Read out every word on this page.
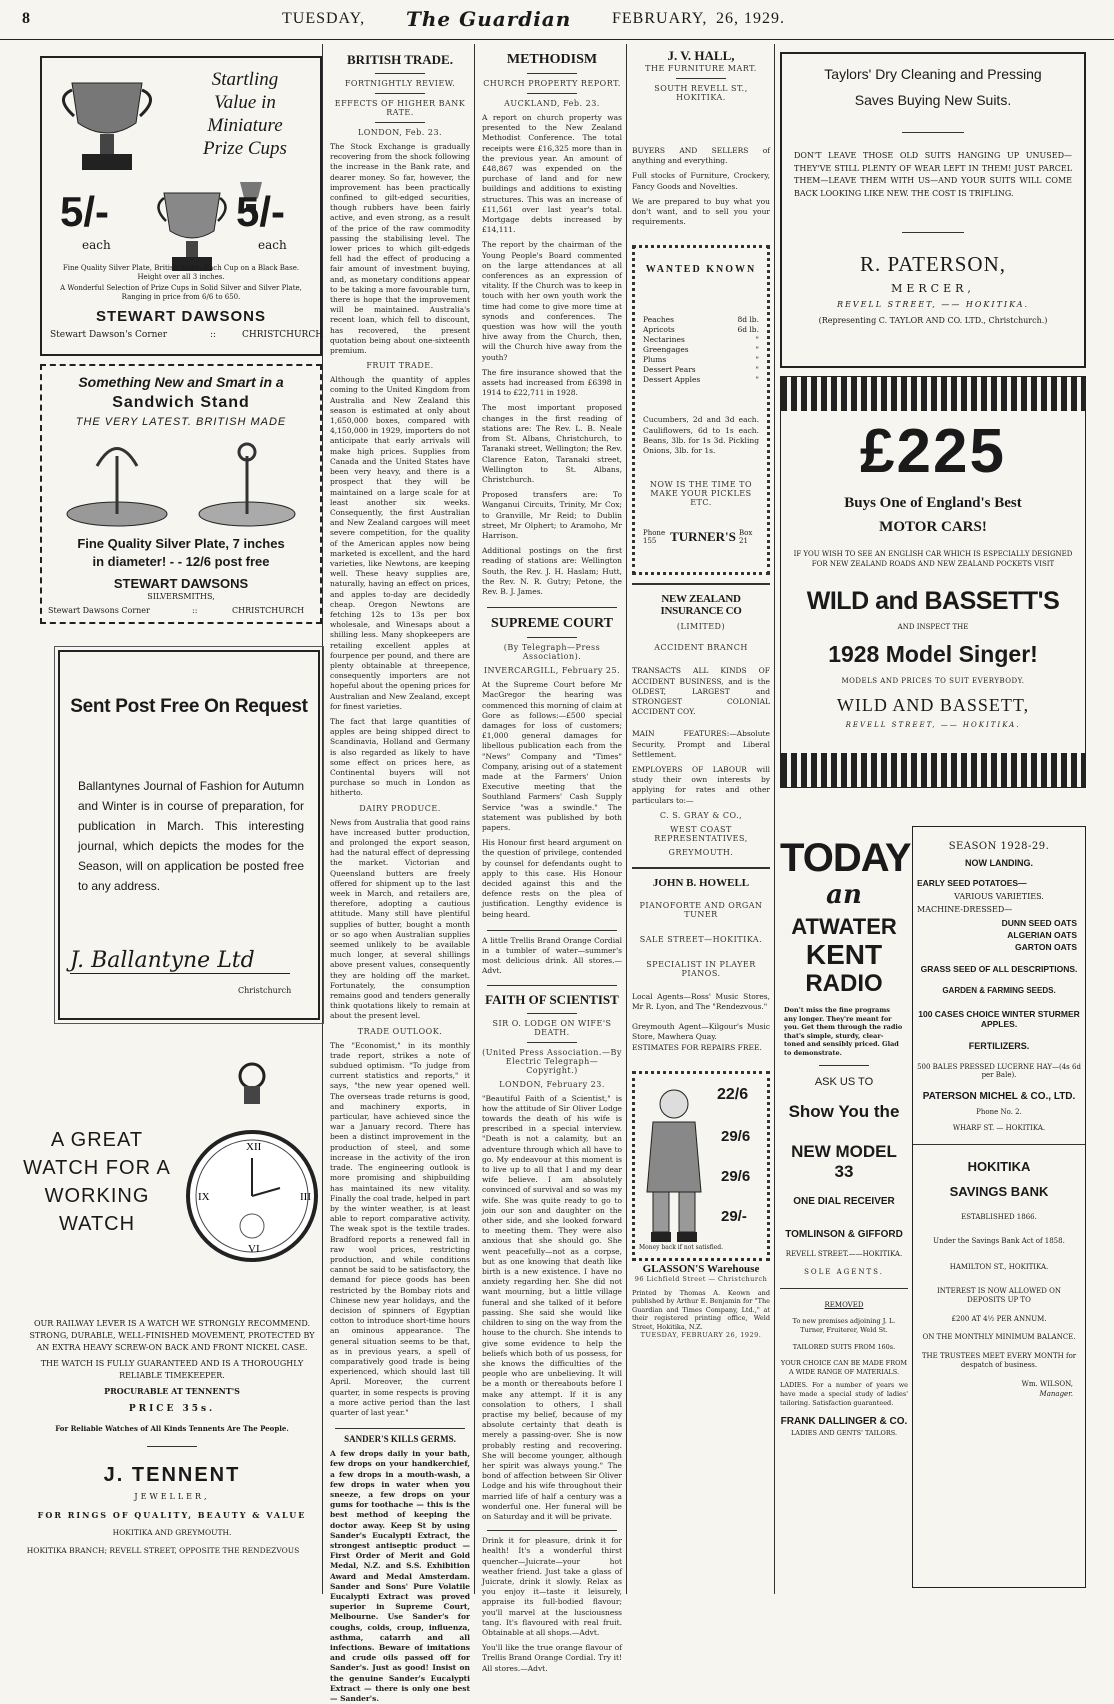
8	TUESDAY, The Guardian	FEBRUARY, 26, 1929.
Startling
Value in
Miniature
Prize Cups
5/-	5/-
each	each
Fine Quality Silver Plate, British make. Each Cup on a Black Base. Height over all 3 inches.
A Wonderful Selection of Prize Cups in Solid Silver and Silver Plate, Ranging in price from 6/6 to 650.
STEWART DAWSONS
Stewart Dawson's Corner	::	CHRISTCHURCH
Something New and Smart in a
Sandwich Stand
THE VERY LATEST. BRITISH MADE
Fine Quality Silver Plate, 7 inches
in diameter! - - 12/6 post free
STEWART DAWSONS
SILVERSMITHS,
Stewart Dawsons Corner	::	CHRISTCHURCH
Sent Post Free On Request
Ballantynes Journal of Fashion for Autumn and Winter is in course of preparation, for publication in March. This interesting journal, which depicts the modes for the Season, will on application be posted free to any address.
J. Ballantyne Ltd
Christchurch
A GREAT
WATCH FOR A
WORKING
WATCH
XII
III
VI
IX
OUR RAILWAY LEVER IS A WATCH WE STRONGLY RECOMMEND. STRONG, DURABLE, WELL-FINISHED MOVEMENT, PROTECTED BY AN EXTRA HEAVY SCREW-ON BACK AND FRONT NICKEL CASE.
THE WATCH IS FULLY GUARANTEED AND IS A THOROUGHLY RELIABLE TIMEKEEPER.
PROCURABLE AT TENNENT'S
PRICE 35s.
For Reliable Watches of All Kinds Tennents Are The People.
J. TENNENT
JEWELLER,
FOR RINGS OF QUALITY, BEAUTY & VALUE
HOKITIKA AND GREYMOUTH.
HOKITIKA BRANCH; REVELL STREET, OPPOSITE THE RENDEZVOUS
BRITISH TRADE.
FORTNIGHTLY REVIEW.
EFFECTS OF HIGHER BANK RATE.
LONDON, Feb. 23.
The Stock Exchange is gradually recovering from the shock following the increase in the Bank rate, and dearer money. So far, however, the improvement has been practically confined to gilt-edged securities, though rubbers have been fairly active, and even strong, as a result of the price of the raw commodity passing the stabilising level. The lower prices to which gilt-edgeds fell had the effect of producing a fair amount of investment buying, and, as monetary conditions appear to be taking a more favourable turn, there is hope that the improvement will be maintained. Australia's recent loan, which fell to discount, has recovered, the present quotation being about one-sixteenth premium.
FRUIT TRADE.
Although the quantity of apples coming to the United Kingdom from Australia and New Zealand this season is estimated at only about 1,650,000 boxes, compared with 4,150,000 in 1929, importers do not anticipate that early arrivals will make high prices. Supplies from Canada and the United States have been very heavy, and there is a prospect that they will be maintained on a large scale for at least another six weeks. Consequently, the first Australian and New Zealand cargoes will meet severe competition, for the quality of the American apples now being marketed is excellent, and the hard varieties, like Newtons, are keeping well. These heavy supplies are, naturally, having an effect on prices, and apples to-day are decidedly cheap. Oregon Newtons are fetching 12s to 13s per box wholesale, and Winesaps about a shilling less. Many shopkeepers are retailing excellent apples at fourpence per pound, and there are plenty obtainable at threepence, consequently importers are not hopeful about the opening prices for Australian and New Zealand, except for finest varieties.
The fact that large quantities of apples are being shipped direct to Scandinavia, Holland and Germany is also regarded as likely to have some effect on prices here, as Continental buyers will not purchase so much in London as hitherto.
DAIRY PRODUCE.
News from Australia that good rains have increased butter production, and prolonged the export season, had the natural effect of depressing the market. Victorian and Queensland butters are freely offered for shipment up to the last week in March, and retailers are, therefore, adopting a cautious attitude. Many still have plentiful supplies of butter, bought a month or so ago when Australian supplies seemed unlikely to be available much longer, at several shillings above present values, consequently they are holding off the market. Fortunately, the consumption remains good and tenders generally think quotations likely to remain at about the present level.
TRADE OUTLOOK.
The "Economist," in its monthly trade report, strikes a note of subdued optimism. "To judge from current statistics and reports," it says, "the new year opened well. The overseas trade returns is good, and machinery exports, in particular, have achieved since the war a January record. There has been a distinct improvement in the production of steel, and some increase in the activity of the iron trade. The engineering outlook is more promising and shipbuilding has maintained its new vitality. Finally the coal trade, helped in part by the winter weather, is at least able to report comparative activity. The weak spot is the textile trades. Bradford reports a renewed fall in raw wool prices, restricting production, and while conditions cannot be said to be satisfactory, the demand for piece goods has been restricted by the Bombay riots and Chinese new year holidays, and the decision of spinners of Egyptian cotton to introduce short-time hours an ominous appearance. The general situation seems to be that, as in previous years, a spell of comparatively good trade is being experienced, which should last till April. Moreover, the current quarter, in some respects is proving a more active period than the last quarter of last year."
SANDER'S KILLS GERMS.
A few drops daily in your bath, few drops on your handkerchief, a few drops in a mouth-wash, a few drops in water when you sneeze, a few drops on your gums for toothache — this is the best method of keeping the doctor away. Keep St by using Sander's Eucalypti Extract, the strongest antiseptic product — First Order of Merit and Gold Medal, N.Z. and S.S. Exhibition Award and Medal Amsterdam. Sander and Sons' Pure Volatile Eucalypti Extract was proved superior in Supreme Court, Melbourne. Use Sander's for coughs, colds, croup, influenza, asthma, catarrh and all infections. Beware of imitations and crude oils passed off for Sander's. Just as good! Insist on the genuine Sander's Eucalypti Extract — there is only one best — Sander's.
METHODISM
CHURCH PROPERTY REPORT.
AUCKLAND, Feb. 23.
A report on church property was presented to the New Zealand Methodist Conference. The total receipts were £16,325 more than in the previous year. An amount of £48,867 was expended on the purchase of land and for new buildings and additions to existing structures. This was an increase of £11,561 over last year's total. Mortgage debts increased by £14,111.
The report by the chairman of the Young People's Board commented on the large attendances at all conferences as an expression of vitality. If the Church was to keep in touch with her own youth work the time had come to give more time at synods and conferences. The question was how will the youth hive away from the Church, then, will the Church hive away from the youth?
The fire insurance showed that the assets had increased from £6398 in 1914 to £22,711 in 1928.
The most important proposed changes in the first reading of stations are: The Rev. L. B. Neale from St. Albans, Christchurch, to Taranaki street, Wellington; the Rev. Clarence Eaton, Taranaki street, Wellington to St. Albans, Christchurch.
Proposed transfers are: To Wanganui Circuits, Trinity, Mr Cox; to Granville, Mr Reid; to Dublin street, Mr Olphert; to Aramoho, Mr Harrison.
Additional postings on the first reading of stations are: Wellington South, the Rev. J. H. Haslam; Hutt, the Rev. N. R. Gutry; Petone, the Rev. B. J. James.
SUPREME COURT
(By Telegraph—Press Association).
INVERCARGILL, February 25.
At the Supreme Court before Mr MacGregor the hearing was commenced this morning of claim at Gore as follows:—£500 special damages for loss of customers; £1,000 general damages for libellous publication each from the "News" Company and "Times" Company, arising out of a statement made at the Farmers' Union Executive meeting that the Southland Farmers' Cash Supply Service "was a swindle." The statement was published by both papers.
His Honour first heard argument on the question of privilege, contended by counsel for defendants ought to apply to this case. His Honour decided against this and the defence rests on the plea of justification. Lengthy evidence is being heard.
A little Trellis Brand Orange Cordial in a tumbler of water—summer's most delicious drink. All stores.—Advt.
FAITH OF SCIENTIST
SIR O. LODGE ON WIFE'S DEATH.
(United Press Association.—By Electric Telegraph—Copyright.)
LONDON, February 23.
"Beautiful Faith of a Scientist," is how the attitude of Sir Oliver Lodge towards the death of his wife is prescribed in a special interview. "Death is not a calamity, but an adventure through which all have to go. My endeavour at this moment is to live up to all that I and my dear wife believe. I am absolutely convinced of survival and so was my wife. She was quite ready to go to join our son and daughter on the other side, and she looked forward to meeting them. They were also anxious that she should go. She went peacefully—not as a corpse, but as one knowing that death like birth is a new existence. I have no anxiety regarding her. She did not want mourning, but a little village funeral and she talked of it before passing. She said she would like children to sing on the way from the house to the church. She intends to give some evidence to help the beliefs which both of us possess, for she knows the difficulties of the people who are unbelieving. It will be a month or thereabouts before I make any attempt. If it is any consolation to others, I shall practise my belief, because of my absolute certainty that death is merely a passing-over. She is now probably resting and recovering. She will become younger, although her spirit was always young." The bond of affection between Sir Oliver Lodge and his wife throughout their married life of half a century was a wonderful one. Her funeral will be on Saturday and it will be private.
Drink it for pleasure, drink it for health! It's a wonderful thirst quencher—Juicrate—your hot weather friend. Just take a glass of Juicrate, drink it slowly. Relax as you enjoy it—taste it leisurely, appraise its full-bodied flavour; you'll marvel at the lusciousness tang. It's flavoured with real fruit. Obtainable at all shops.—Advt.
You'll like the true orange flavour of Trellis Brand Orange Cordial. Try it! All stores.—Advt.
J. V. HALL,
THE FURNITURE MART.
SOUTH REVELL ST., HOKITIKA.
BUYERS AND SELLERS of anything and everything.
Full stocks of Furniture, Crockery, Fancy Goods and Novelties.
We are prepared to buy what you don't want, and to sell you your requirements.
WANTED KNOWN
Peaches	8d lb.
Apricots	6d lb.
Nectarines	"
Greengages	"
Plums	"
Dessert Pears	"
Dessert Apples	"
Cucumbers, 2d and 3d each. Cauliflowers, 6d to 1s each. Beans, 3lb. for 1s 3d. Pickling Onions, 3lb. for 1s.
NOW IS THE TIME TO MAKE YOUR PICKLES ETC.
Phone 155	TURNER'S Box 21
NEW ZEALAND INSURANCE CO
(LIMITED)
ACCIDENT BRANCH
TRANSACTS ALL KINDS OF ACCIDENT BUSINESS, and is the OLDEST, LARGEST and STRONGEST COLONIAL ACCIDENT COY.
MAIN FEATURES:—Absolute Security, Prompt and Liberal Settlement.
EMPLOYERS OF LABOUR will study their own interests by applying for rates and other particulars to:—
C. S. GRAY & CO.,
WEST COAST REPRESENTATIVES,
GREYMOUTH.
JOHN B. HOWELL
PIANOFORTE AND ORGAN TUNER
SALE STREET—HOKITIKA.
SPECIALIST IN PLAYER PIANOS.
Local Agents—Ross' Music Stores, Mr R. Lyon, and The "Rendezvous."
Greymouth Agent—Kilgour's Music Store, Mawhera Quay.
ESTIMATES FOR REPAIRS FREE.
22/6
29/6
29/6
29/-
Money back if not satisfied.
GLASSON'S Warehouse
96 Lichfield Street — Christchurch
Printed by Thomas A. Keown and published by Arthur E. Benjamin for "The Guardian and Times Company, Ltd.," at their registered printing office, Weld Street, Hokitika, N.Z.
TUESDAY, FEBRUARY 26, 1929.
Taylors' Dry Cleaning and Pressing
Saves Buying New Suits.
DON'T LEAVE THOSE OLD SUITS HANGING UP UNUSED—THEY'VE STILL PLENTY OF WEAR LEFT IN THEM! JUST PARCEL THEM—LEAVE THEM WITH US—AND YOUR SUITS WILL COME BACK LOOKING LIKE NEW. THE COST IS TRIFLING.
R. PATERSON,
MERCER,
REVELL STREET, —— HOKITIKA.
(Representing C. TAYLOR AND CO. LTD., Christchurch.)
£225
Buys One of England's Best
MOTOR CARS!
IF YOU WISH TO SEE AN ENGLISH CAR WHICH IS ESPECIALLY DESIGNED FOR NEW ZEALAND ROADS AND NEW ZEALAND POCKETS VISIT
WILD and BASSETT'S
AND INSPECT THE
1928 Model Singer!
MODELS AND PRICES TO SUIT EVERYBODY.
WILD AND BASSETT,
REVELL STREET, —— HOKITIKA.
TODAY
an
ATWATER
KENT
RADIO
Don't miss the fine programs any longer. They're meant for you. Get them through the radio that's simple, sturdy, clear-toned and sensibly priced. Glad to demonstrate.
ASK US TO
Show You the
NEW MODEL 33
ONE DIAL RECEIVER
TOMLINSON & GIFFORD
REVELL STREET.——HOKITIKA.
SOLE AGENTS.
REMOVED
To new premises adjoining J. L. Turner, Fruiterer, Weld St.
TAILORED SUITS FROM 160s.
YOUR CHOICE CAN BE MADE FROM A WIDE RANGE OF MATERIALS.
LADIES. For a number of years we have made a special study of ladies' tailoring. Satisfaction guaranteed.
FRANK DALLINGER & CO.
LADIES AND GENTS' TAILORS.
SEASON 1928-29.
NOW LANDING.
EARLY SEED POTATOES—
VARIOUS VARIETIES.
MACHINE-DRESSED—
DUNN SEED OATS
ALGERIAN OATS
GARTON OATS
GRASS SEED OF ALL DESCRIPTIONS.
GARDEN & FARMING SEEDS.
100 CASES CHOICE WINTER STURMER APPLES.
FERTILIZERS.
500 BALES PRESSED LUCERNE HAY—(4s 6d per Bale).
PATERSON MICHEL & CO., LTD.
Phone No. 2.
WHARF ST. — HOKITIKA.
HOKITIKA
SAVINGS BANK
ESTABLISHED 1866.
Under the Savings Bank Act of 1858.
HAMILTON ST., HOKITIKA.
INTEREST IS NOW ALLOWED ON DEPOSITS UP TO
£200 AT 4½ PER ANNUM.
ON THE MONTHLY MINIMUM BALANCE.
THE TRUSTEES MEET EVERY MONTH for despatch of business.
Wm. WILSON,
Manager.
